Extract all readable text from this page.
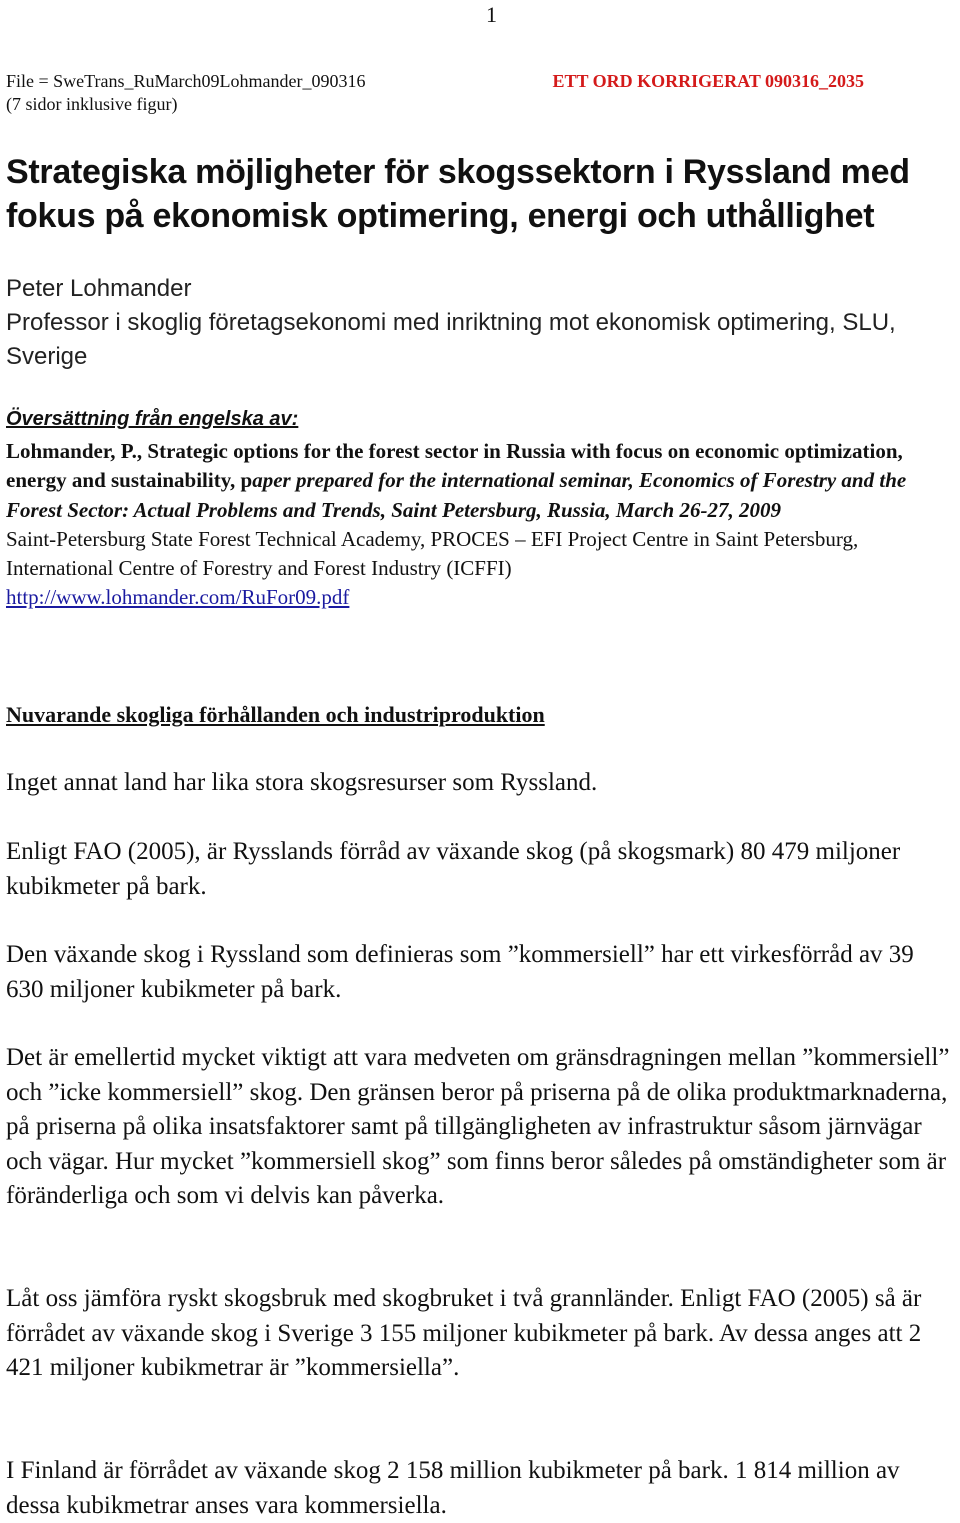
1
File = SweTrans_RuMarch09Lohmander_090316	ETT ORD KORRIGERAT 090316_2035
(7 sidor inklusive figur)
Strategiska möjligheter för skogssektorn i Ryssland med fokus på ekonomisk optimering, energi och uthållighet
Peter Lohmander
Professor i skoglig företagsekonomi med inriktning mot ekonomisk optimering, SLU, Sverige
Översättning från engelska av:
Lohmander, P., Strategic options for the forest sector in Russia with focus on economic optimization, energy and sustainability, paper prepared for the international seminar, Economics of Forestry and the Forest Sector: Actual Problems and Trends, Saint Petersburg, Russia, March 26-27, 2009
Saint-Petersburg State Forest Technical Academy, PROCES – EFI Project Centre in Saint Petersburg, International Centre of Forestry and Forest Industry (ICFFI)
http://www.lohmander.com/RuFor09.pdf
Nuvarande skogliga förhållanden och industriproduktion
Inget annat land har lika stora skogsresurser som Ryssland.
Enligt FAO (2005), är Rysslands förråd av växande skog (på skogsmark) 80 479 miljoner kubikmeter på bark.
Den växande skog i Ryssland som definieras som ”kommersiell” har ett virkesförråd av 39 630 miljoner kubikmeter på bark.
Det är emellertid mycket viktigt att vara medveten om gränsdragningen mellan ”kommersiell” och ”icke kommersiell” skog. Den gränsen beror på priserna på de olika produktmarknaderna, på priserna på olika insatsfaktorer samt på tillgängligheten av infrastruktur såsom järnvägar och vägar. Hur mycket ”kommersiell skog” som finns beror således på omständigheter som är föränderliga och som vi delvis kan påverka.
Låt oss jämföra ryskt skogsbruk med skogbruket i två grannländer. Enligt FAO (2005) så är förrådet av växande skog i Sverige 3 155 miljoner kubikmeter på bark. Av dessa anges att 2 421 miljoner kubikmetrar är ”kommersiella”.
I Finland är förrådet av växande skog 2 158 million kubikmeter på bark. 1 814 million av dessa kubikmetrar anses vara kommersiella.
